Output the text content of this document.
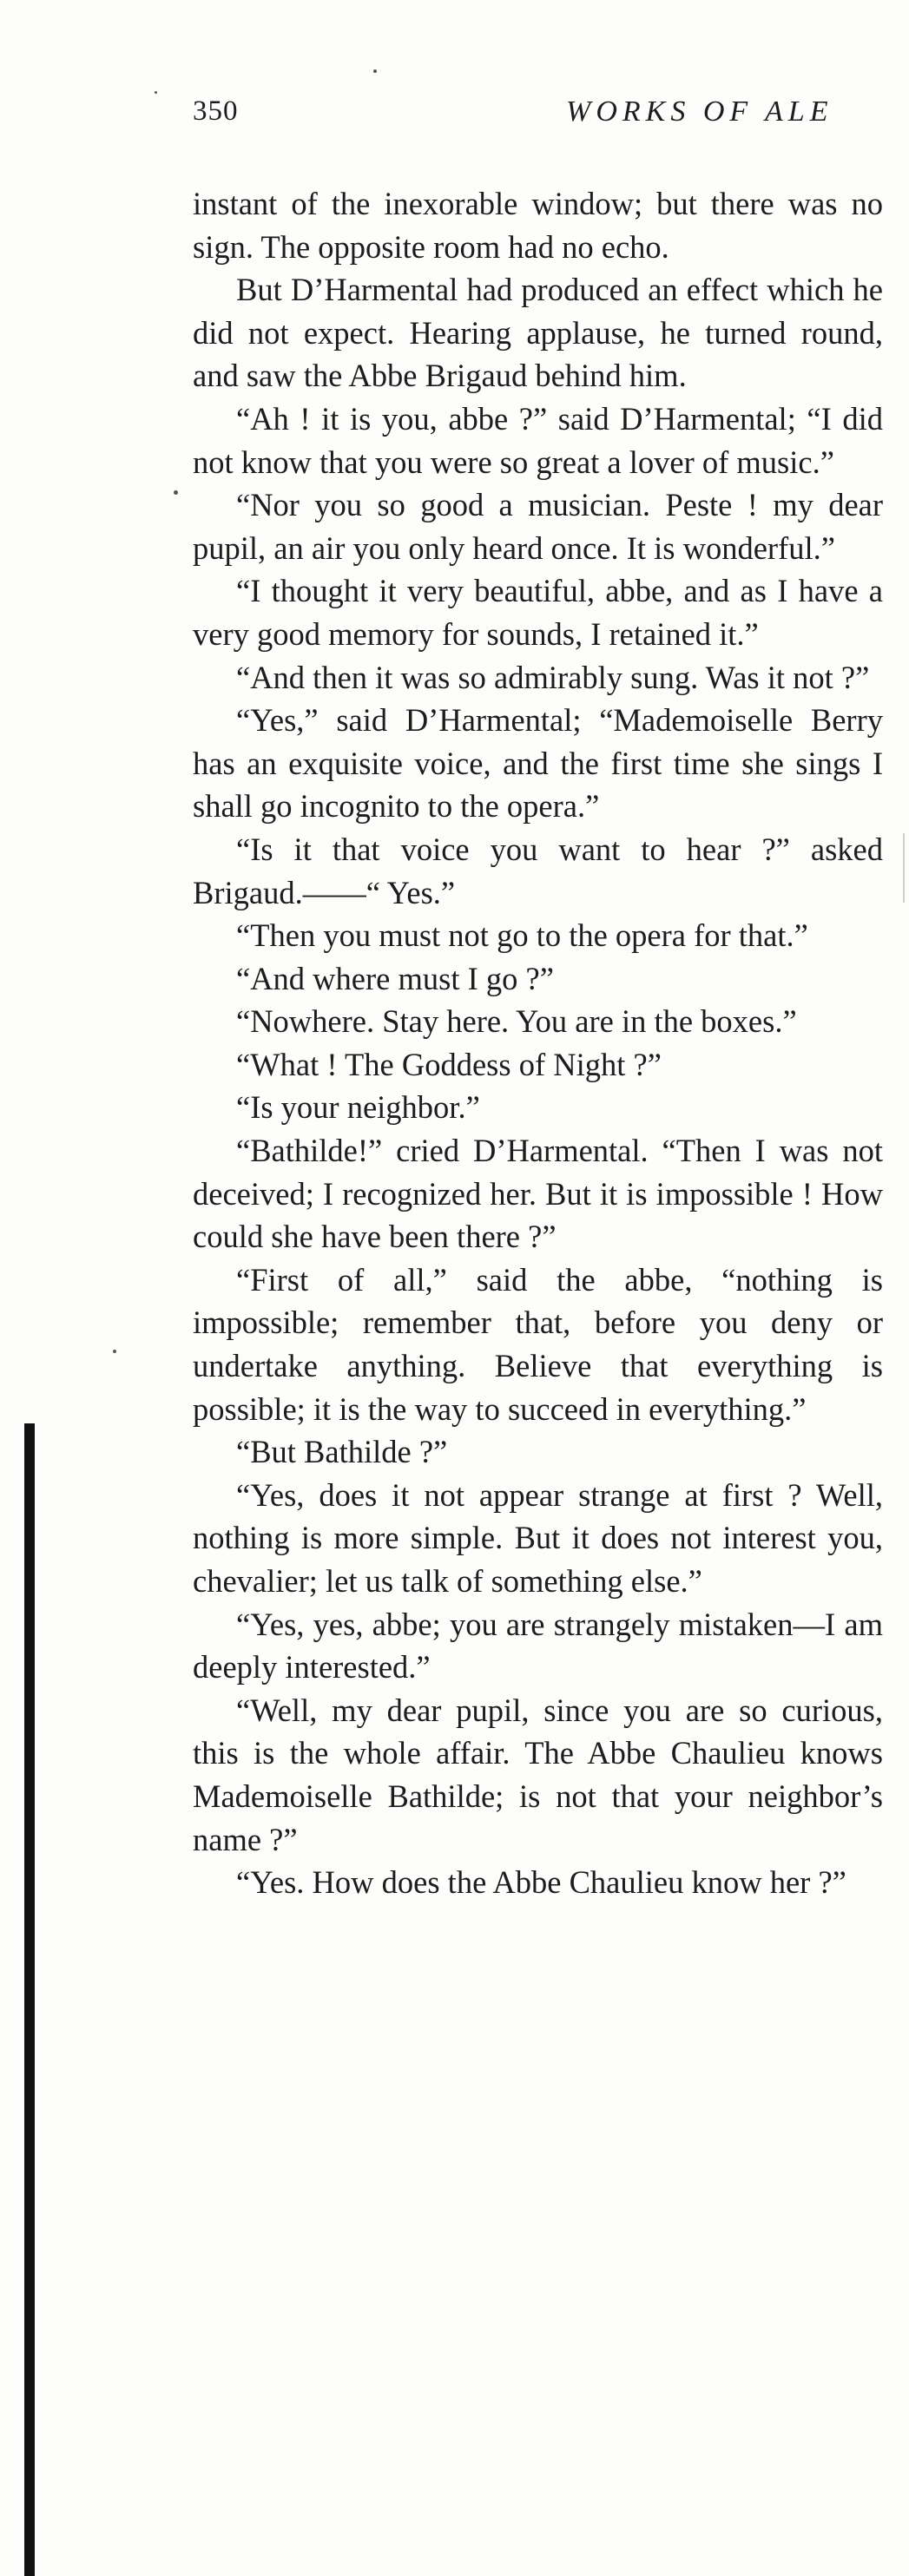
350	WORKS OF ALE

instant of the inexorable window; but there was no sign. The opposite room had no echo.

But D’Harmental had produced an effect which he did not expect. Hearing applause, he turned round, and saw the Abbe Brigaud behind him.

“Ah ! it is you, abbe ?” said D’Harmental; “I did not know that you were so great a lover of music.”

“Nor you so good a musician. Peste ! my dear pupil, an air you only heard once. It is wonderful.”

“I thought it very beautiful, abbe, and as I have a very good memory for sounds, I retained it.”

“And then it was so admirably sung. Was it not ?”

“Yes,” said D’Harmental; “Mademoiselle Berry has an exquisite voice, and the first time she sings I shall go incognito to the opera.”

“Is it that voice you want to hear ?” asked Brigaud.——“ Yes.”

“Then you must not go to the opera for that.”

“And where must I go ?”

“Nowhere. Stay here. You are in the boxes.”

“What ! The Goddess of Night ?”

“Is your neighbor.”

“Bathilde!” cried D’Harmental. “Then I was not deceived; I recognized her. But it is impossible ! How could she have been there ?”

“First of all,” said the abbe, “nothing is impossible; remember that, before you deny or undertake anything. Believe that everything is possible; it is the way to succeed in everything.”

“But Bathilde ?”

“Yes, does it not appear strange at first ? Well, nothing is more simple. But it does not interest you, chevalier; let us talk of something else.”

“Yes, yes, abbe; you are strangely mistaken—I am deeply interested.”

“Well, my dear pupil, since you are so curious, this is the whole affair. The Abbe Chaulieu knows Mademoiselle Bathilde; is not that your neighbor’s name ?”

“Yes. How does the Abbe Chaulieu know her ?”
